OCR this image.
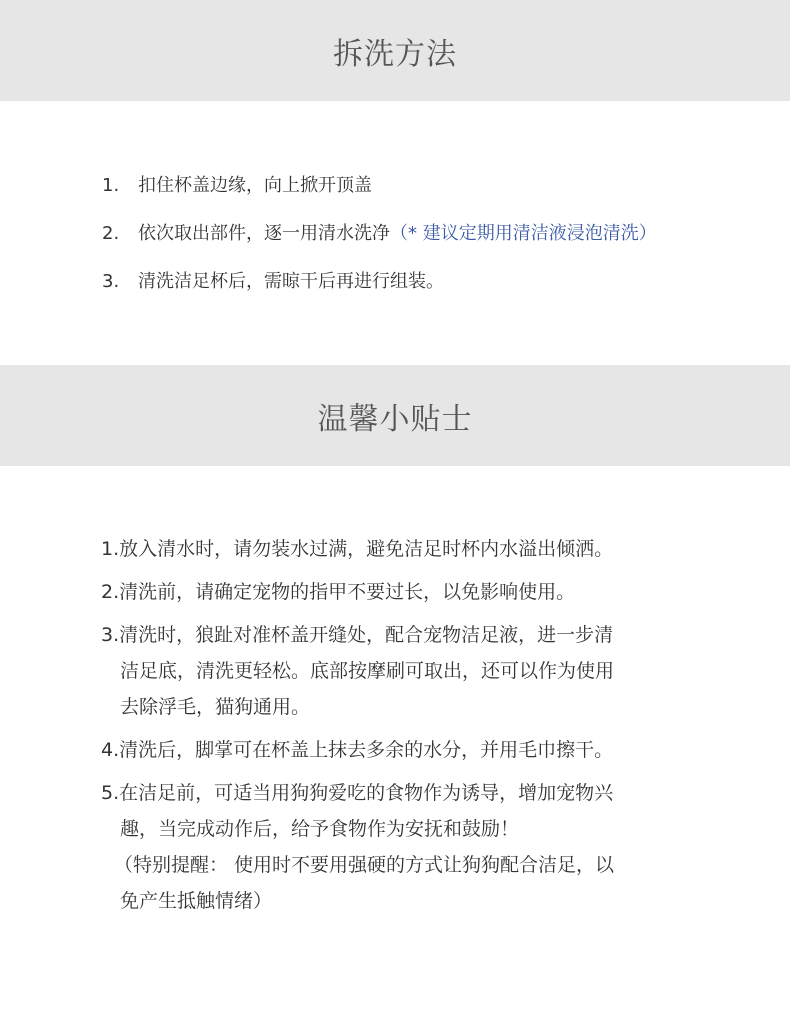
拆洗方法
1.	扣住杯盖边缘，向上掀开顶盖
2.	依次取出部件，逐一用清水洗净 （* 建议定期用清洁液浸泡清洗）
3.	清洗洁足杯后，需晾干后再进行组装。
温馨小贴士
1. 放入清水时，请勿装水过满，避免洁足时杯内水溢出倾洒。
2. 清洗前，请确定宠物的指甲不要过长，以免影响使用。
3. 清洗时，狼趾对准杯盖开缝处，配合宠物洁足液，进一步清
洁足底，清洗更轻松。底部按摩刷可取出，还可以作为使用
去除浮毛，猫狗通用。
4. 清洗后，脚掌可在杯盖上抹去多余的水分，并用毛巾擦干。
5. 在洁足前，可适当用狗狗爱吃的食物作为诱导，增加宠物兴
趣，当完成动作后，给予食物作为安抚和鼓励！
（特别提醒： 使用时不要用强硬的方式让狗狗配合洁足，以
免产生抵触情绪）
